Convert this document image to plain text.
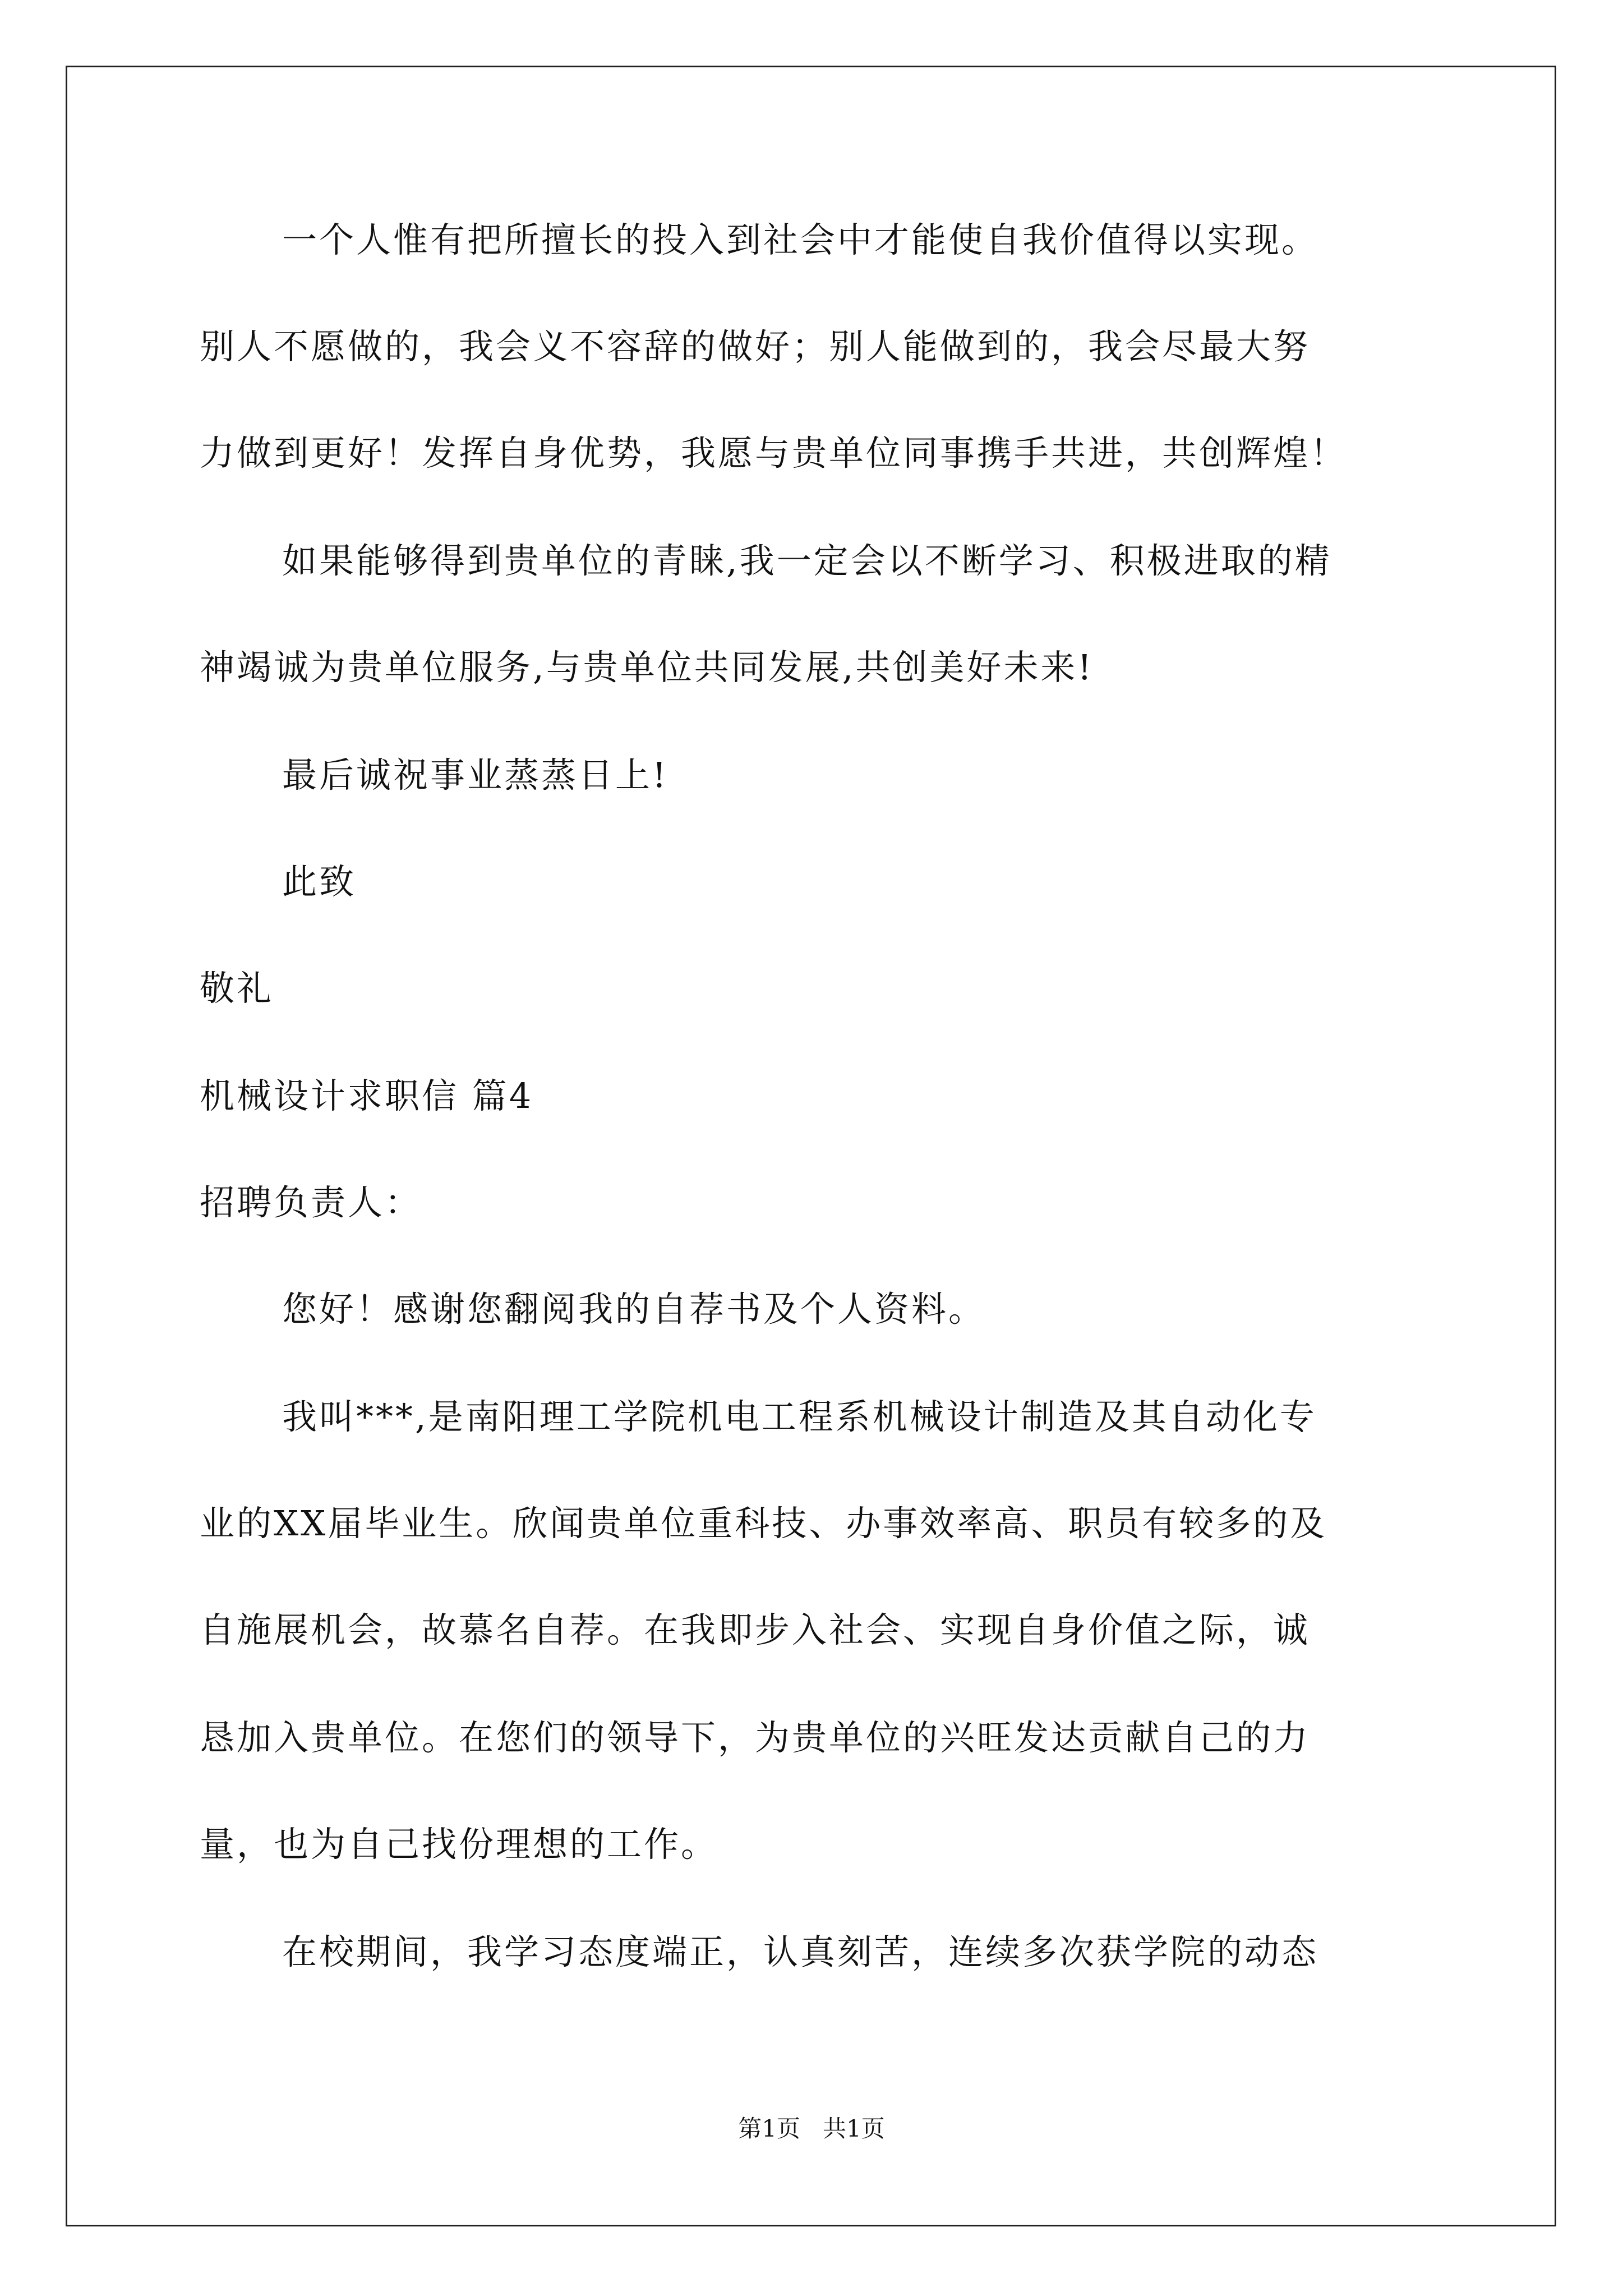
一个人惟有把所擅长的投入到社会中才能使自我价值得以实现。
别人不愿做的，我会义不容辞的做好；别人能做到的，我会尽最大努
力做到更好！发挥自身优势，我愿与贵单位同事携手共进，共创辉煌！
如果能够得到贵单位的青睐,我一定会以不断学习、积极进取的精
神竭诚为贵单位服务,与贵单位共同发展,共创美好未来!
最后诚祝事业蒸蒸日上!
此致
敬礼
机械设计求职信 篇4
招聘负责人：
您好！感谢您翻阅我的自荐书及个人资料。
我叫***,是南阳理工学院机电工程系机械设计制造及其自动化专
业的XX届毕业生。欣闻贵单位重科技、办事效率高、职员有较多的及
自施展机会，故慕名自荐。在我即步入社会、实现自身价值之际，诚
恳加入贵单位。在您们的领导下，为贵单位的兴旺发达贡献自己的力
量，也为自己找份理想的工作。
在校期间，我学习态度端正，认真刻苦，连续多次获学院的动态
第1页   共1页
